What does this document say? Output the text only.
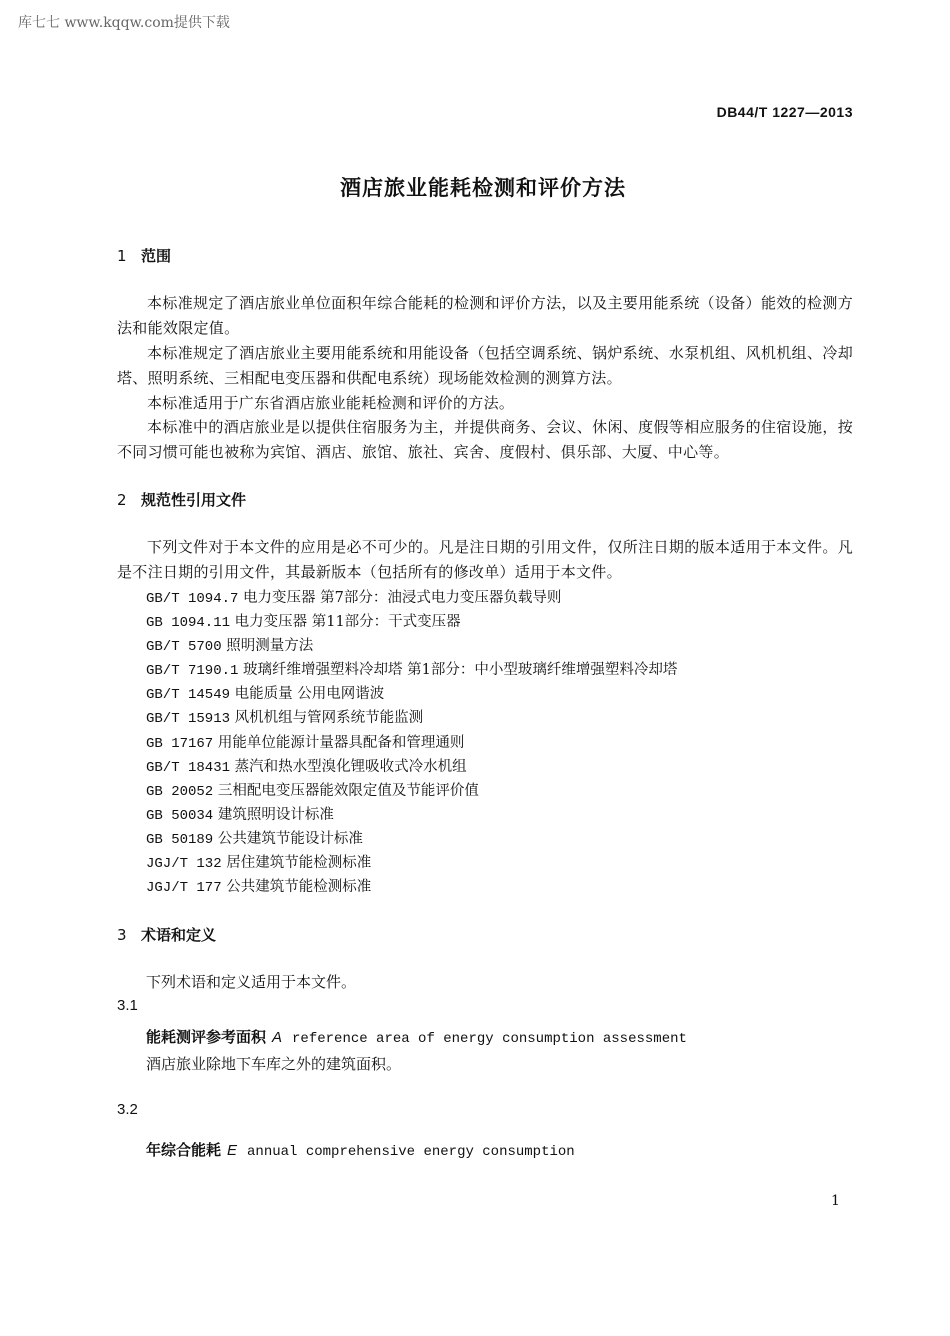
库七七 www.kqqw.com提供下载
DB44/T 1227—2013
酒店旅业能耗检测和评价方法
1 范围
本标准规定了酒店旅业单位面积年综合能耗的检测和评价方法，以及主要用能系统（设备）能效的检测方法和能效限定值。
本标准规定了酒店旅业主要用能系统和用能设备（包括空调系统、锅炉系统、水泵机组、风机机组、冷却塔、照明系统、三相配电变压器和供配电系统）现场能效检测的测算方法。
本标准适用于广东省酒店旅业能耗检测和评价的方法。
本标准中的酒店旅业是以提供住宿服务为主，并提供商务、会议、休闲、度假等相应服务的住宿设施，按不同习惯可能也被称为宾馆、酒店、旅馆、旅社、宾舍、度假村、俱乐部、大厦、中心等。
2 规范性引用文件
下列文件对于本文件的应用是必不可少的。凡是注日期的引用文件，仅所注日期的版本适用于本文件。凡是不注日期的引用文件，其最新版本（包括所有的修改单）适用于本文件。
GB/T 1094.7 电力变压器 第7部分：油浸式电力变压器负载导则
GB 1094.11 电力变压器 第11部分：干式变压器
GB/T 5700 照明测量方法
GB/T 7190.1 玻璃纤维增强塑料冷却塔 第1部分：中小型玻璃纤维增强塑料冷却塔
GB/T 14549 电能质量 公用电网谐波
GB/T 15913 风机机组与管网系统节能监测
GB 17167 用能单位能源计量器具配备和管理通则
GB/T 18431 蒸汽和热水型溴化锂吸收式冷水机组
GB 20052 三相配电变压器能效限定值及节能评价值
GB 50034 建筑照明设计标准
GB 50189 公共建筑节能设计标准
JGJ/T 132 居住建筑节能检测标准
JGJ/T 177 公共建筑节能检测标准
3 术语和定义
下列术语和定义适用于本文件。
3.1
能耗测评参考面积 A reference area of energy consumption assessment
酒店旅业除地下车库之外的建筑面积。
3.2
年综合能耗 E annual comprehensive energy consumption
1
